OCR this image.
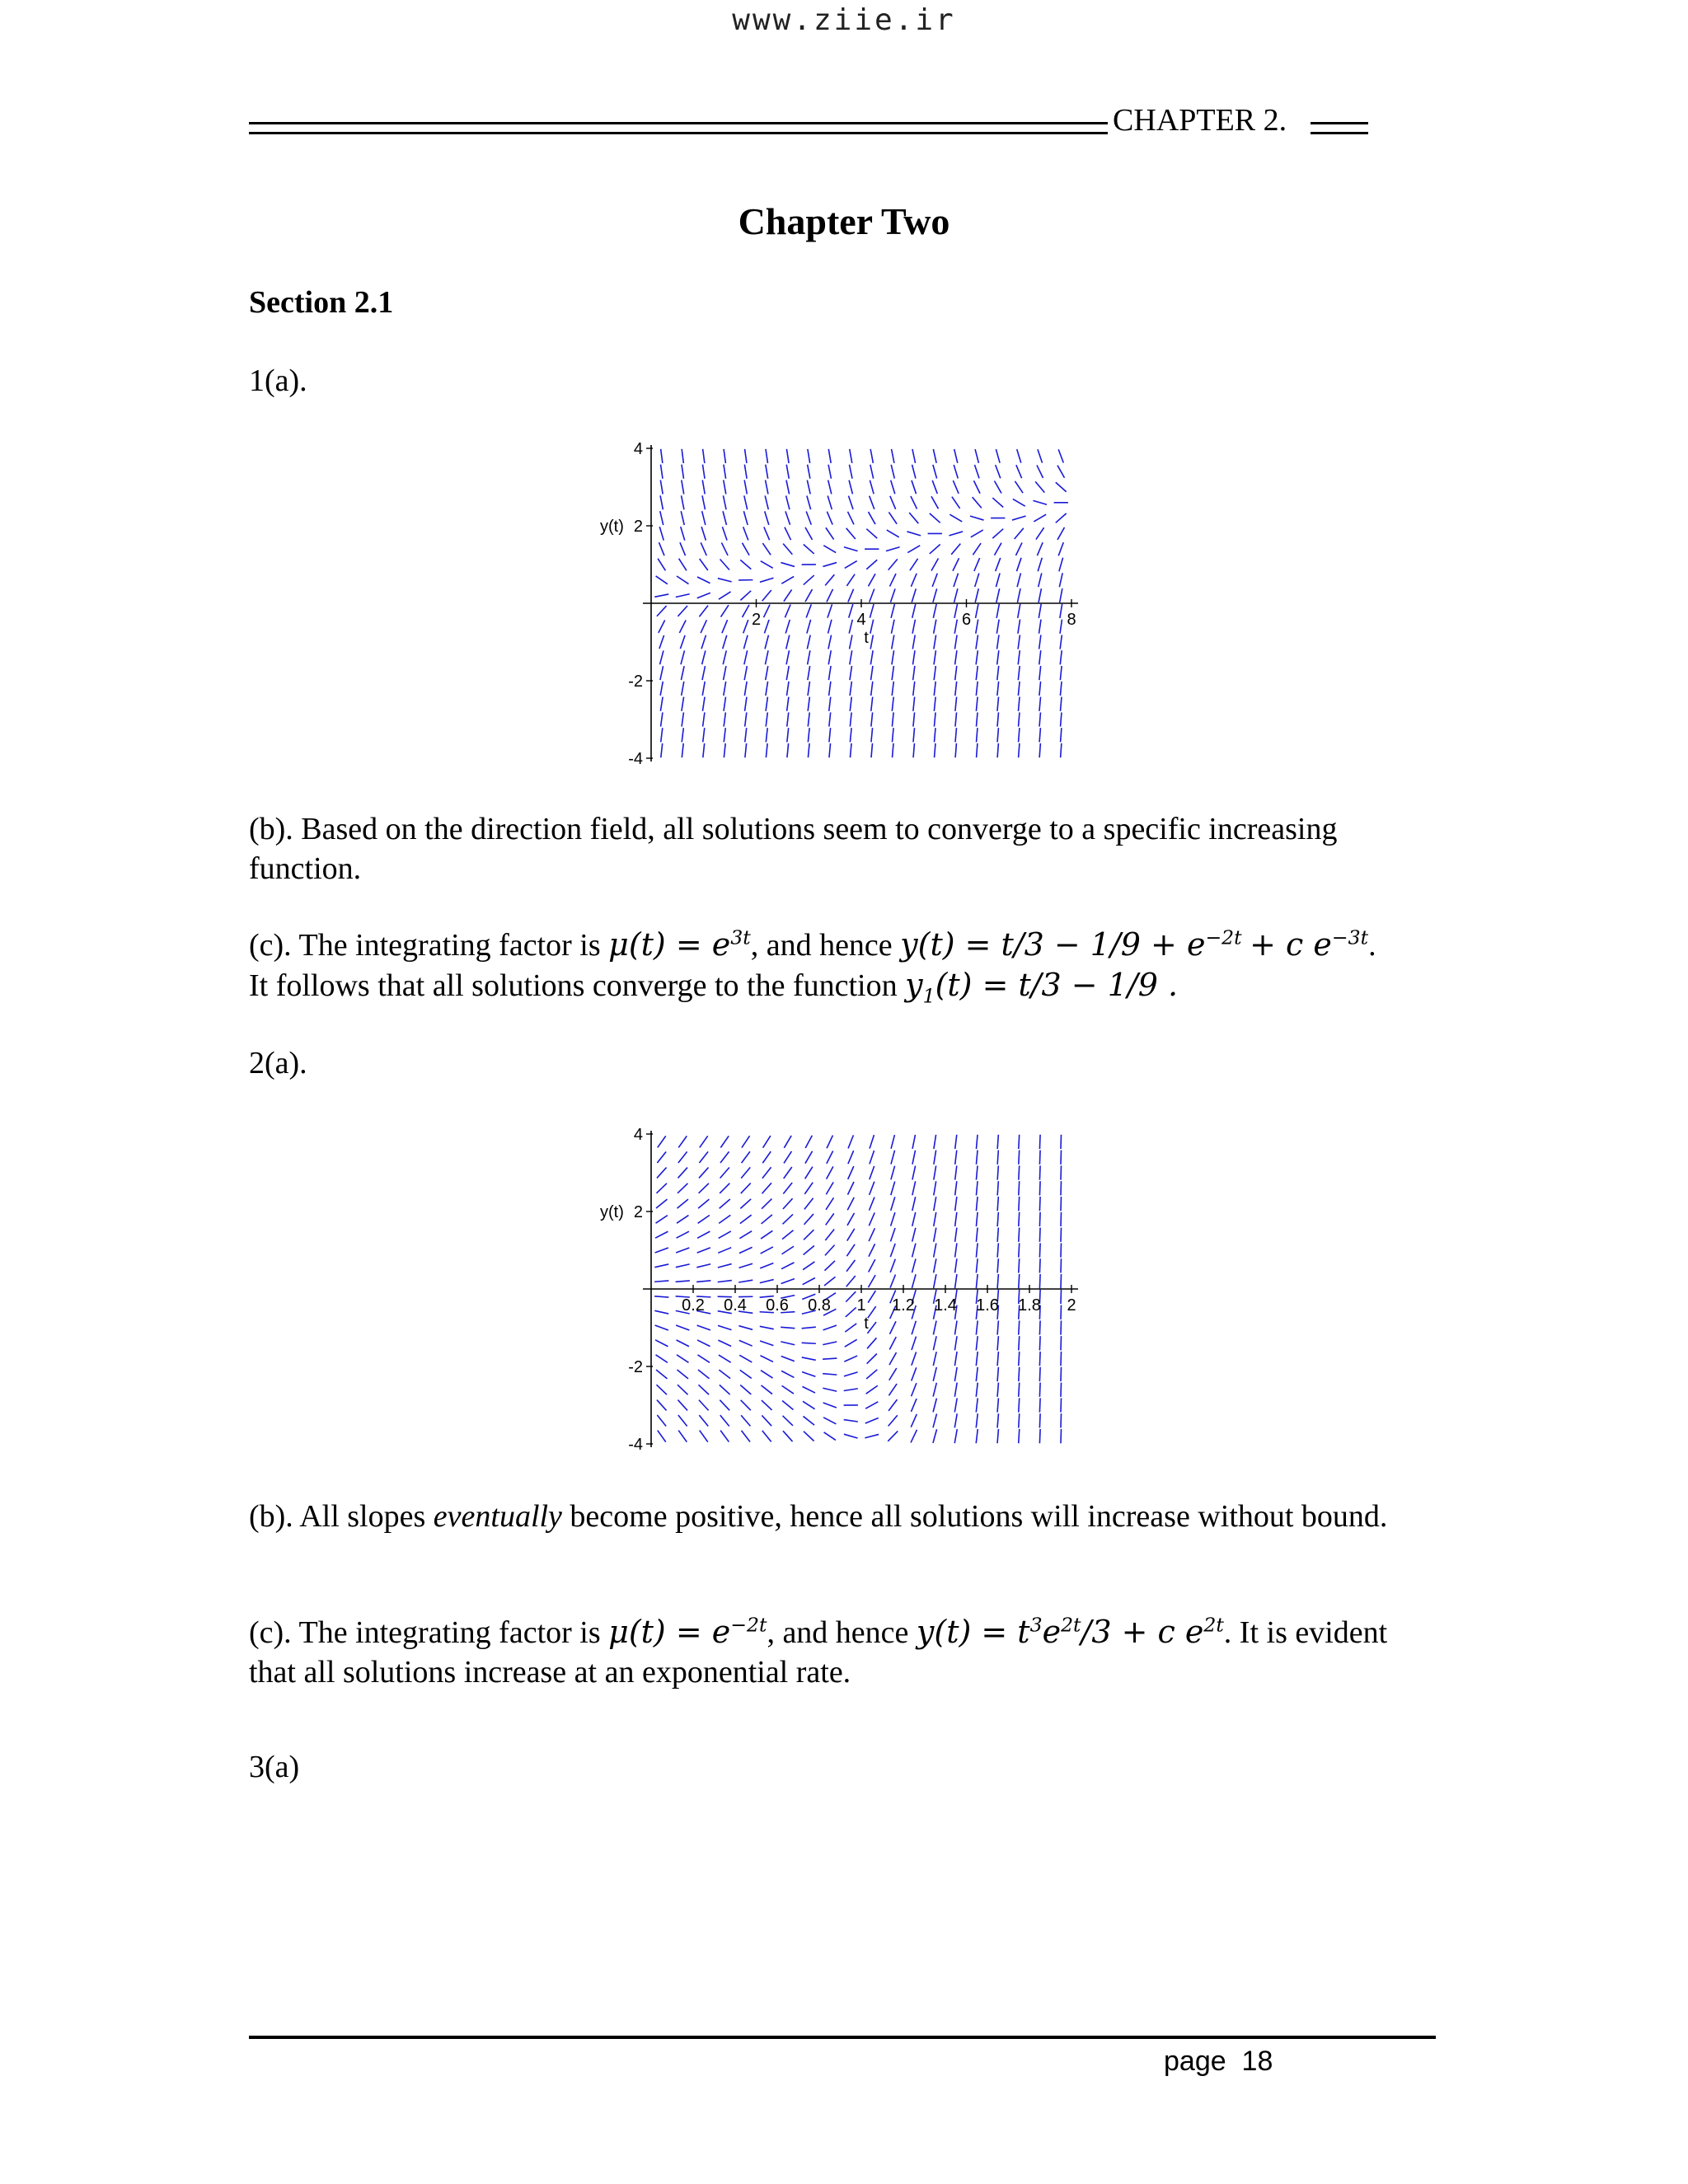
www.ziie.ir
CHAPTER 2.
Chapter Two
Section 2.1
1(a).
2	4	6	8
4
2
-2
-4
y(t)
t
(b). Based on the direction field, all solutions seem to converge to a specific increasing function.
(c). The integrating factor is $\mu(t) = e^{3t}$, and hence $y(t) = t/3 - 1/9 + e^{-2t} + c$ $e^{-3t}$.
It follows that all solutions converge to the function $y_1(t) = t/3 - 1/9$ .
2(a).
0.2 0.4 0.6 0.8 1 1.2 1.4 1.6 1.8 2
4
2
-2
-4
y(t)
t
(b). All slopes eventually become positive, hence all solutions will increase without bound.
(c). The integrating factor is $\mu(t) = e^{-2t}$, and hence $y(t) = t^3e^{2t}/3 + c$ $e^{2t}$. It is evident that all solutions increase at an exponential rate.
3(a)
page 18
